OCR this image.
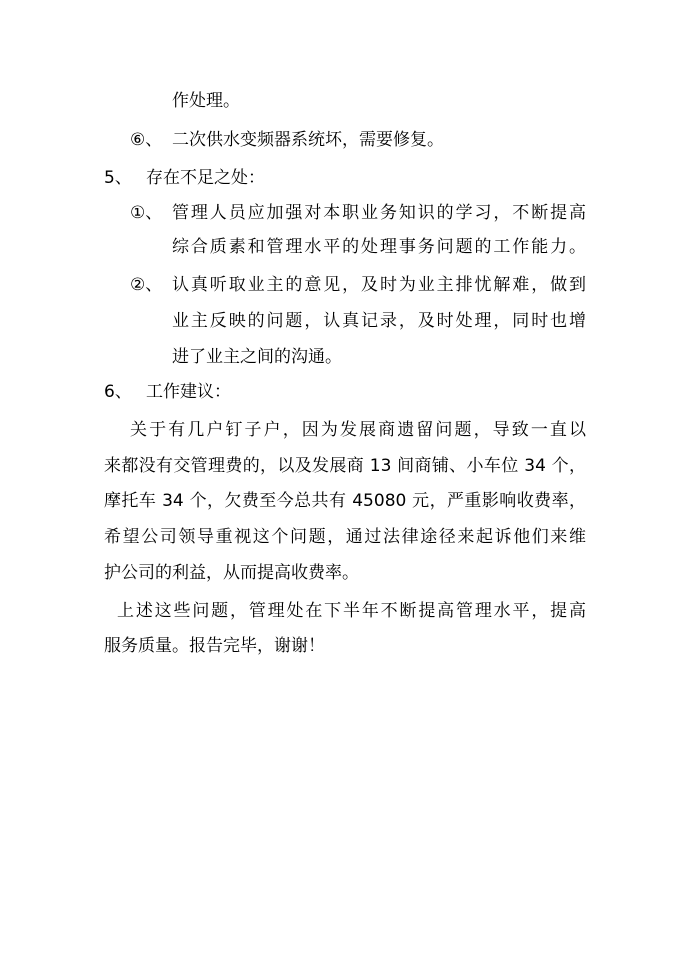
作处理。
⑥、 二次供水变频器系统坏，需要修复。
5、 存在不足之处：
①、 管理人员应加强对本职业务知识的学习，不断提高
综合质素和管理水平的处理事务问题的工作能力。
②、 认真听取业主的意见，及时为业主排忧解难，做到
业主反映的问题，认真记录，及时处理，同时也增
进了业主之间的沟通。
6、 工作建议：
关于有几户钉子户，因为发展商遗留问题，导致一直以
来都没有交管理费的，以及发展商 13 间商铺、小车位 34 个，
摩托车 34 个，欠费至今总共有 45080 元，严重影响收费率，
希望公司领导重视这个问题，通过法律途径来起诉他们来维
护公司的利益，从而提高收费率。
上述这些问题，管理处在下半年不断提高管理水平，提高
服务质量。报告完毕，谢谢！
